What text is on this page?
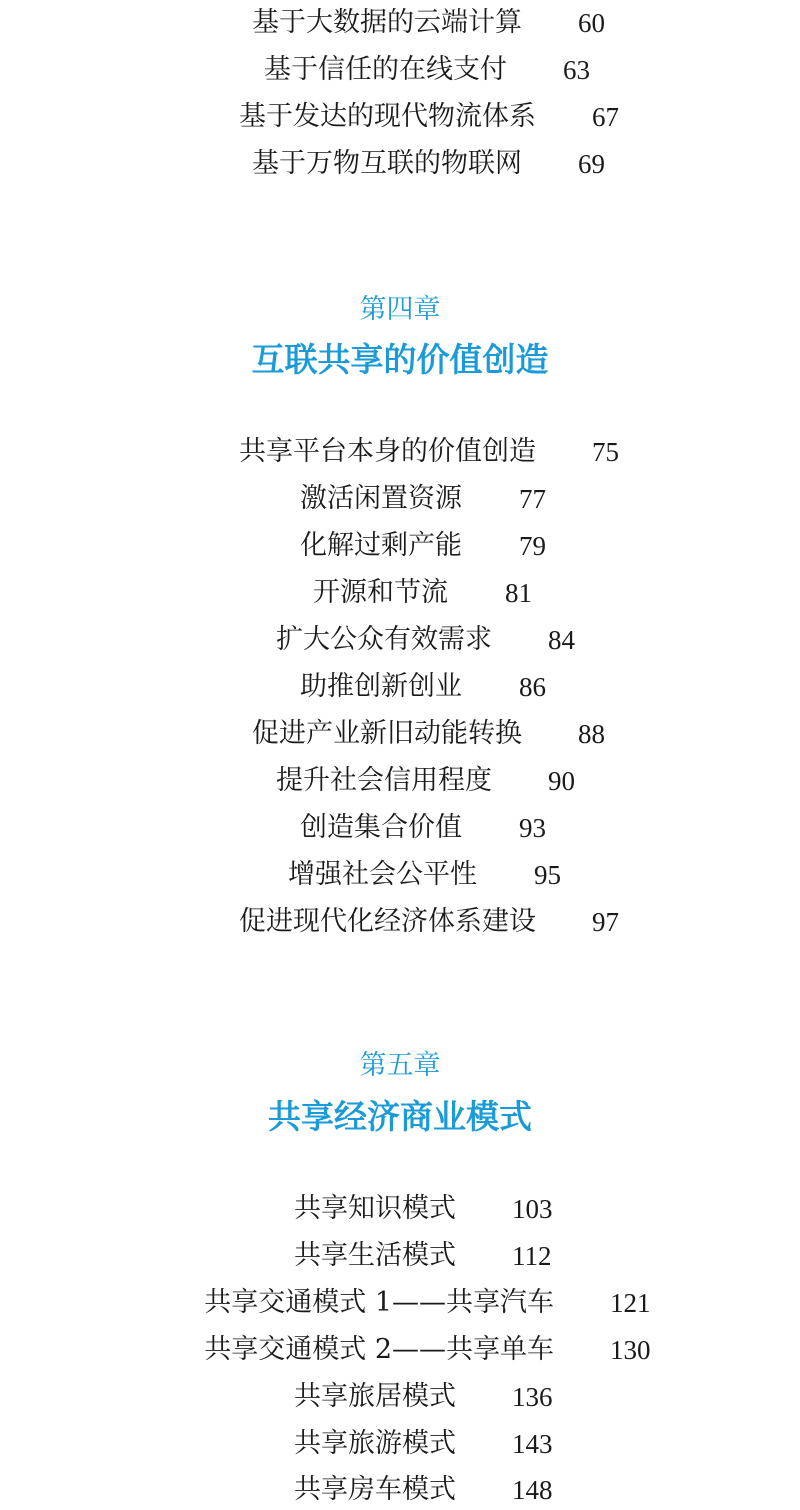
基于大数据的云端计算 60
基于信任的在线支付 63
基于发达的现代物流体系 67
基于万物互联的物联网 69
第四章
互联共享的价值创造
共享平台本身的价值创造 75
激活闲置资源 77
化解过剩产能 79
开源和节流 81
扩大公众有效需求 84
助推创新创业 86
促进产业新旧动能转换 88
提升社会信用程度 90
创造集合价值 93
增强社会公平性 95
促进现代化经济体系建设 97
第五章
共享经济商业模式
共享知识模式 103
共享生活模式 112
共享交通模式 1——共享汽车 121
共享交通模式 2——共享单车 130
共享旅居模式 136
共享旅游模式 143
共享房车模式 148
